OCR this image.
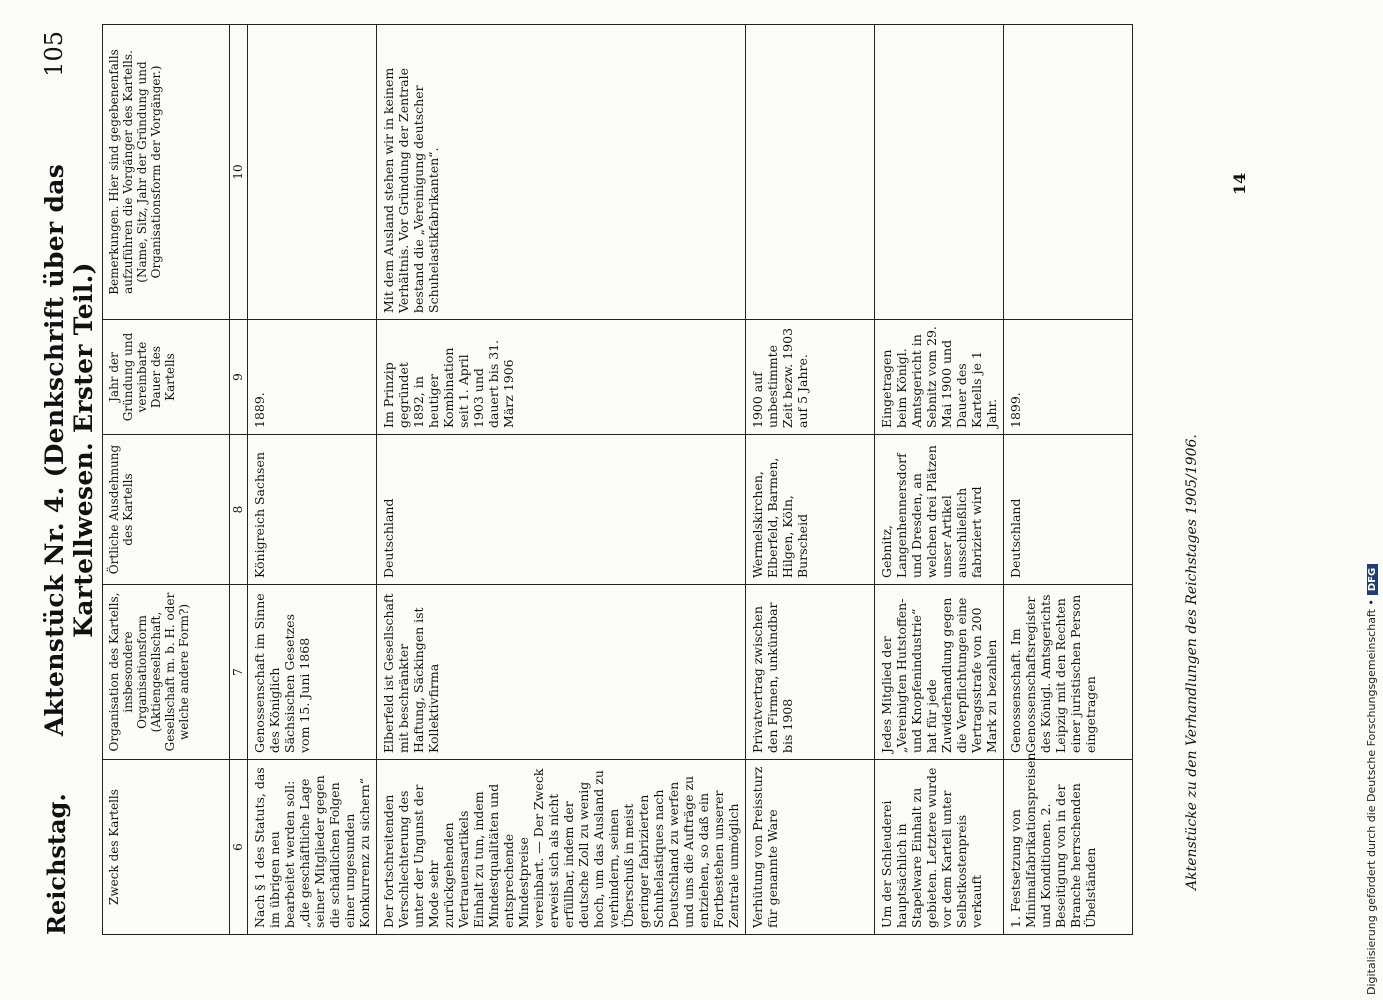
Reichstag.
Aktenstück Nr. 4. (Denkschrift über das Kartellwesen. Erster Teil.)
105
Zweck des Kartells	Organisation des Kartells, insbesondere Organisationsform (Aktiengesellschaft, Gesellschaft m. b. H. oder welche andere Form?)	Örtliche Ausdehnung des Kartells	Jahr der Gründung und vereinbarte Dauer des Kartells	Bemerkungen. Hier sind gegebenenfalls aufzuführen die Vorgänger des Kartells. (Name, Sitz, Jahr der Gründung und Organisationsform der Vorgänger.)
6	7	8	9	10
Nach § 1 des Statuts, das im übrigen neu bearbeitet werden soll: „die geschäftliche Lage seiner Mitglieder gegen die schädlichen Folgen einer ungesunden Konkurrenz zu sichern“	Genossenschaft im Sinne des Königlich Sächsischen Gesetzes vom 15. Juni 1868	Königreich Sachsen	1889.	
Der fortschreitenden Verschlechterung des unter der Ungunst der Mode sehr zurückgehenden Vertrauensartikels Einhalt zu tun, indem Mindestqualitäten und entsprechende Mindestpreise vereinbart. — Der Zweck erweist sich als nicht erfüllbar, indem der deutsche Zoll zu wenig hoch, um das Ausland zu verhindern, seinen Überschuß in meist geringer fabrizierten Schuhelastiques nach Deutschland zu werfen und uns die Aufträge zu entziehen, so daß ein Fortbestehen unserer Zentrale unmöglich	Elberfeld ist Gesellschaft mit beschränkter Haftung, Säckingen ist Kollektivfirma	Deutschland	Im Prinzip gegründet 1892, in heutiger Kombination seit 1. April 1903 und dauert bis 31. März 1906	Mit dem Ausland stehen wir in keinem Verhältnis. Vor Gründung der Zentrale bestand die „Vereinigung deutscher Schuhelastikfabrikanten“.
Verhütung von Preissturz für genannte Ware	Privatvertrag zwischen den Firmen, unkündbar bis 1908	Wermelskirchen, Elberfeld, Barmen, Hilgen, Köln, Burscheid	1900 auf unbestimmte Zeit bezw. 1903 auf 5 Jahre.	
Um der Schleuderei hauptsächlich in Stapelware Einhalt zu gebieten. Letztere wurde vor dem Kartell unter Selbstkostenpreis verkauft	Jedes Mitglied der „Vereinigten Hutstoffen- und Knopfenindustrie“ hat für jede Zuwiderhandlung gegen die Verpflichtungen eine Vertragsstrafe von 200 Mark zu bezahlen	Gebnitz, Langenhennersdorf und Dresden, an welchen drei Plätzen unser Artikel ausschließlich fabriziert wird	Eingetragen beim Königl. Amtsgericht in Sebnitz vom 29. Mai 1900 und Dauer des Kartells je 1 Jahr.	
1. Festsetzung von Minimalfabrikationspreisen und Konditionen. 2. Beseitigung von in der Branche herrschenden Übelständen	Genossenschaft. Im Genossenschaftsregister des Königl. Amtsgerichts Leipzig mit den Rechten einer juristischen Person eingetragen	Deutschland	1899.	
Aktenstücke zu den Verhandlungen des Reichstages 1905/1906.
14
Digitalisierung gefördert durch die Deutsche Forschungsgemeinschaft •DFG
